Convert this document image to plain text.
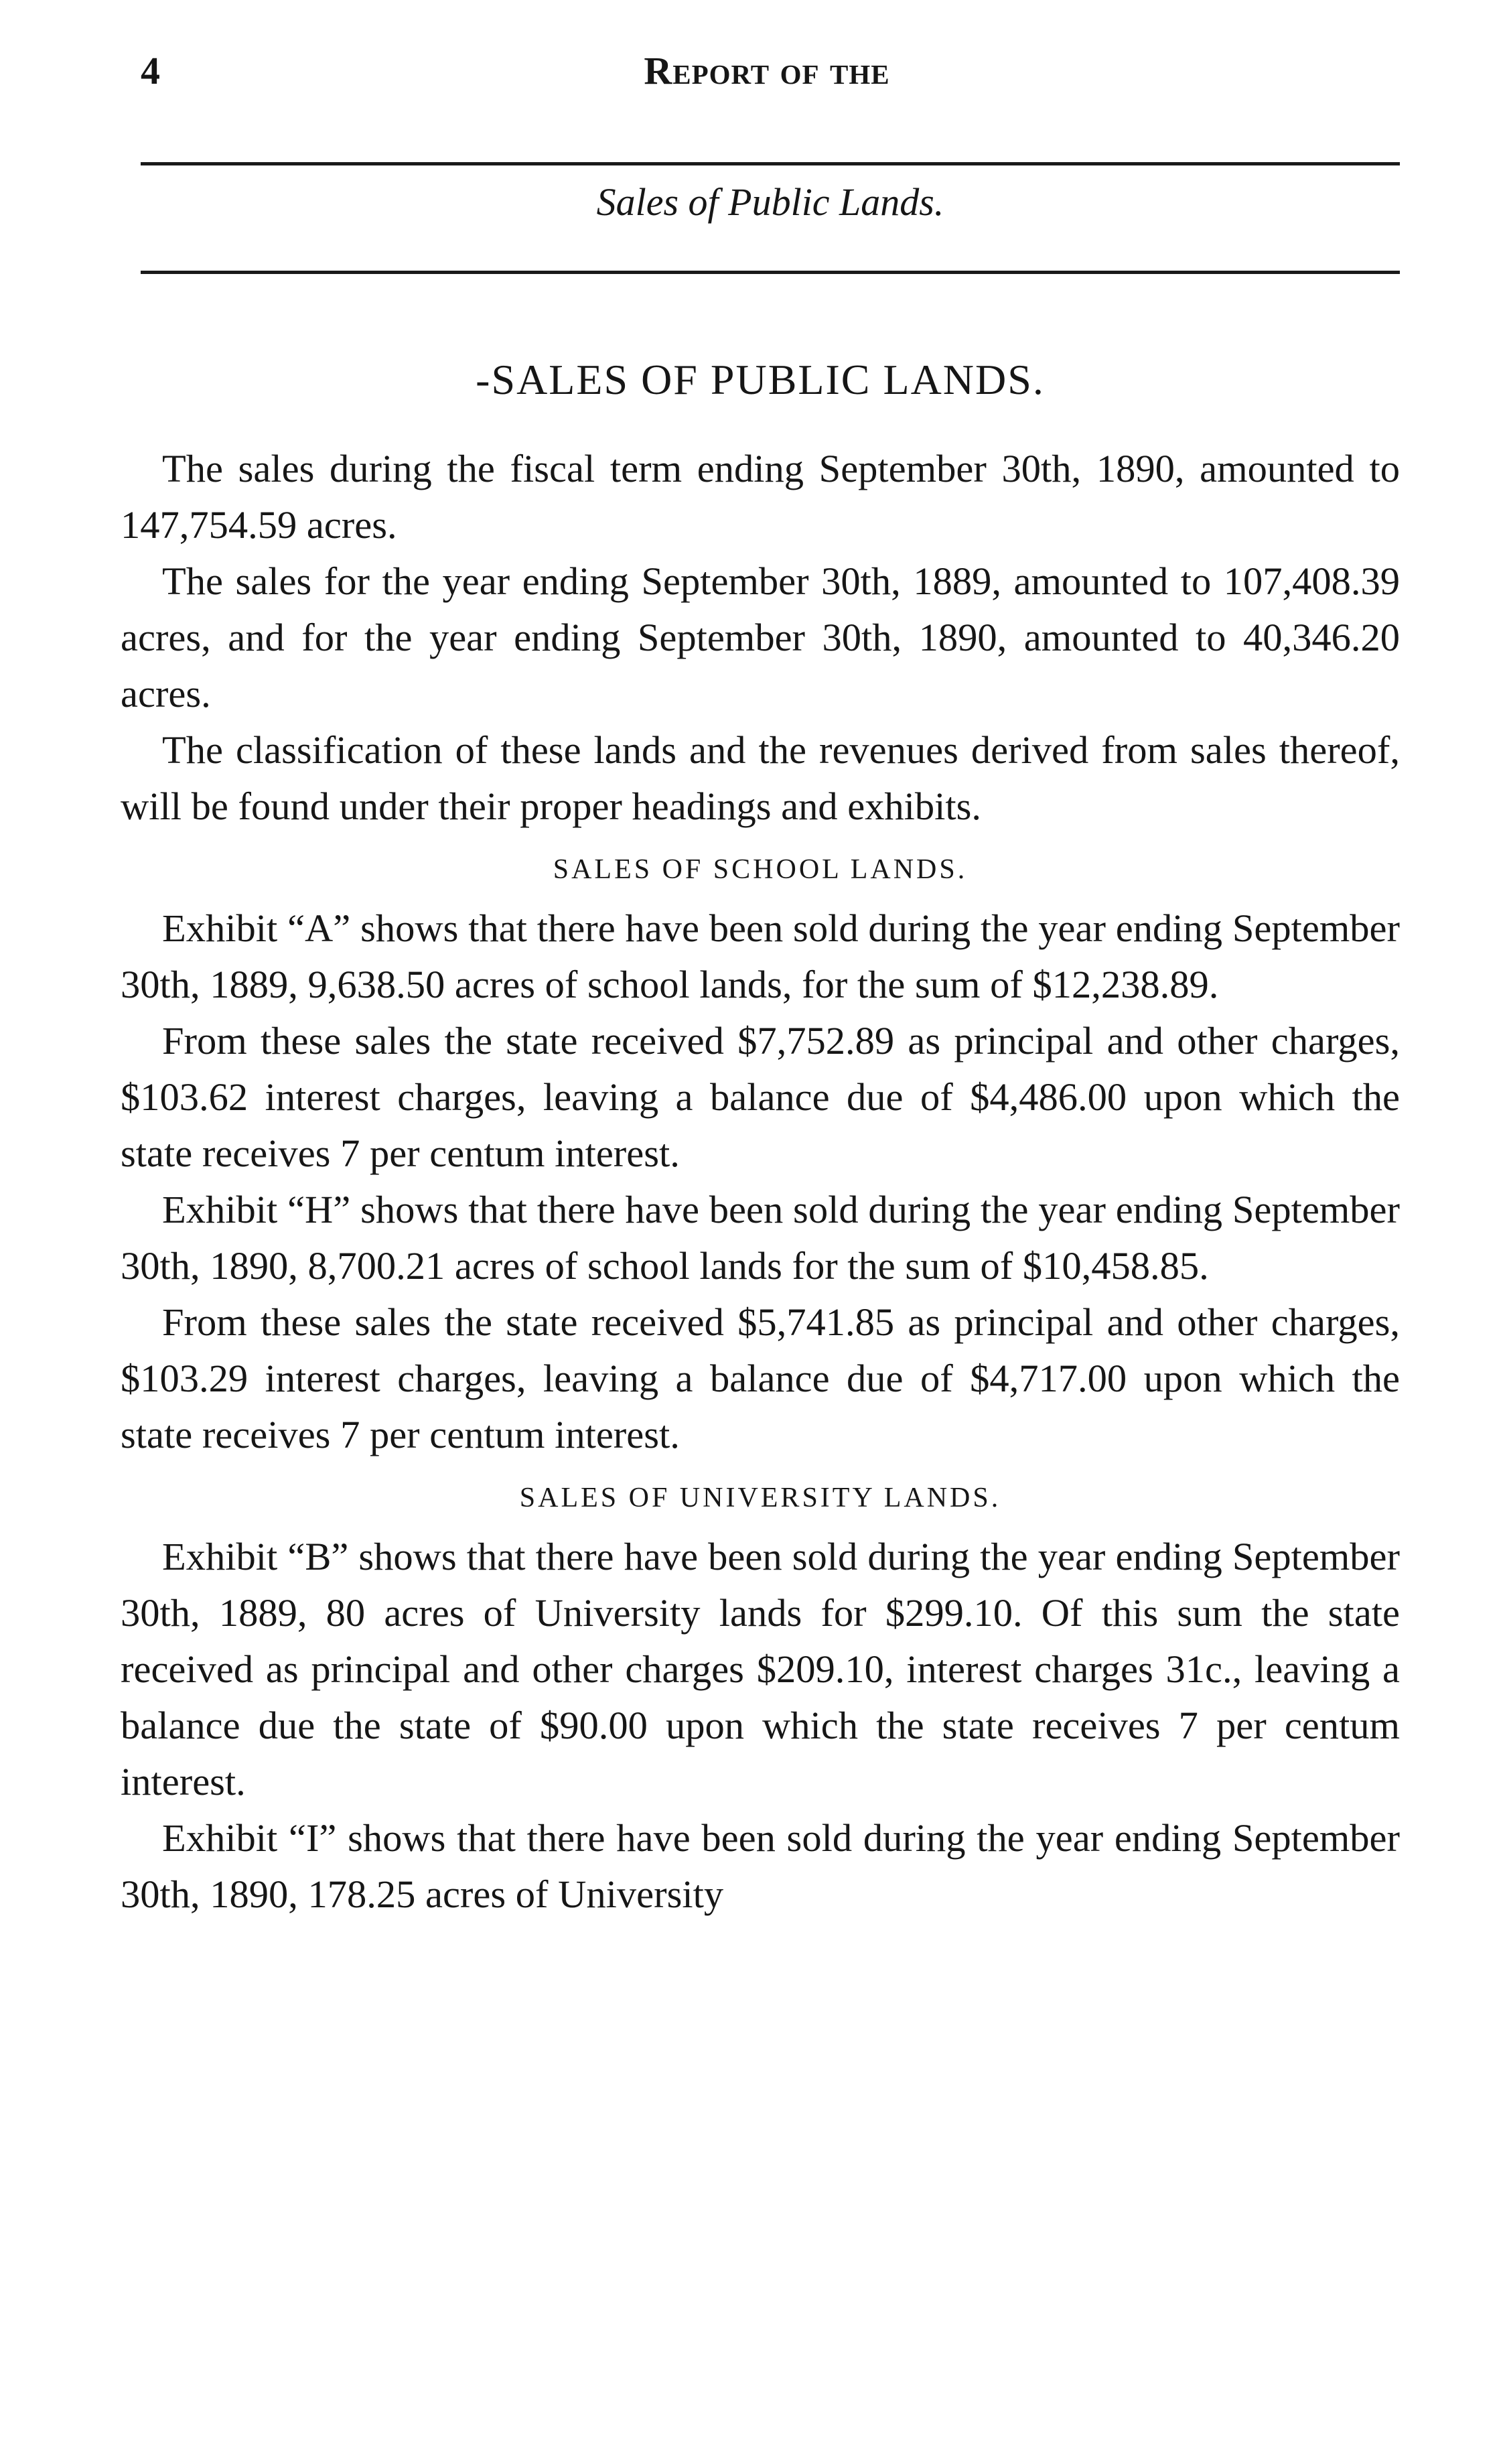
4	Report of the
Sales of Public Lands.
-SALES OF PUBLIC LANDS.

The sales during the fiscal term ending September 30th, 1890, amounted to 147,754.59 acres.

The sales for the year ending September 30th, 1889, amounted to 107,408.39 acres, and for the year ending September 30th, 1890, amounted to 40,346.20 acres.

The classification of these lands and the revenues derived from sales thereof, will be found under their proper headings and exhibits.

SALES OF SCHOOL LANDS.

Exhibit “A” shows that there have been sold during the year ending September 30th, 1889, 9,638.50 acres of school lands, for the sum of $12,238.89.

From these sales the state received $7,752.89 as principal and other charges, $103.62 interest charges, leaving a balance due of $4,486.00 upon which the state receives 7 per centum interest.

Exhibit “H” shows that there have been sold during the year ending September 30th, 1890, 8,700.21 acres of school lands for the sum of $10,458.85.

From these sales the state received $5,741.85 as principal and other charges, $103.29 interest charges, leaving a balance due of $4,717.00 upon which the state receives 7 per centum interest.

SALES OF UNIVERSITY LANDS.

Exhibit “B” shows that there have been sold during the year ending September 30th, 1889, 80 acres of University lands for $299.10. Of this sum the state received as principal and other charges $209.10, interest charges 31c., leaving a balance due the state of $90.00 upon which the state receives 7 per centum interest.

Exhibit “I” shows that there have been sold during the year ending September 30th, 1890, 178.25 acres of University
